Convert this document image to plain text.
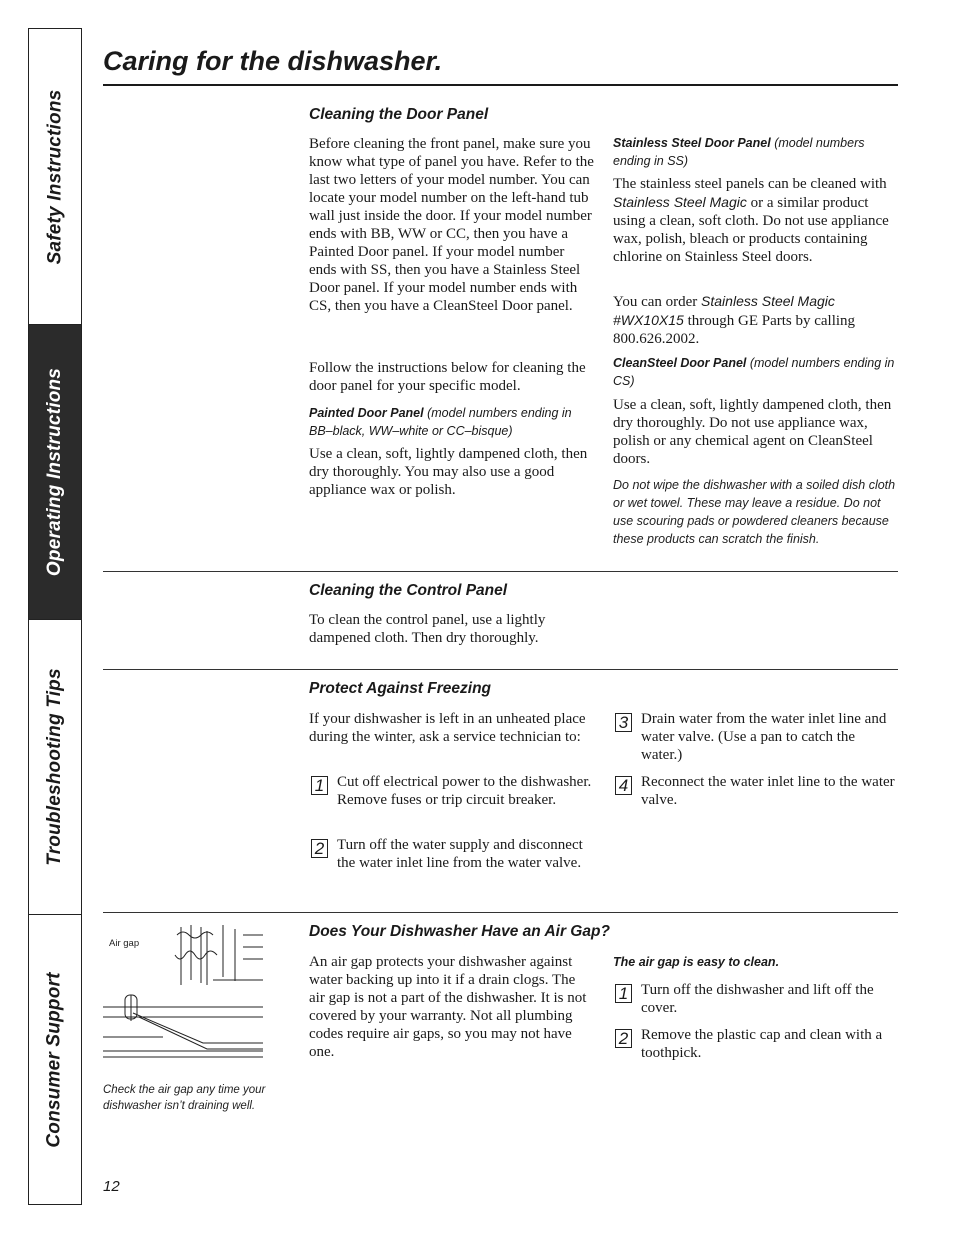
Safety Instructions
Operating Instructions
Troubleshooting Tips
Consumer Support
Caring for the dishwasher.
Cleaning the Door Panel

Before cleaning the front panel, make sure you know what type of panel you have. Refer to the last two letters of your model number. You can locate your model number on the left-hand tub wall just inside the door. If your model number ends with BB, WW or CC, then you have a Painted Door panel. If your model number ends with SS, then you have a Stainless Steel Door panel. If your model number ends with CS, then you have a CleanSteel Door panel.

Follow the instructions below for cleaning the door panel for your specific model.

Painted Door Panel (model numbers ending in BB–black, WW–white or CC–bisque)

Use a clean, soft, lightly dampened cloth, then dry thoroughly. You may also use a good appliance wax or polish.

Stainless Steel Door Panel (model numbers ending in SS)

The stainless steel panels can be cleaned with Stainless Steel Magic or a similar product using a clean, soft cloth. Do not use appliance wax, polish, bleach or products containing chlorine on Stainless Steel doors.

You can order Stainless Steel Magic #WX10X15 through GE Parts by calling 800.626.2002.

CleanSteel Door Panel (model numbers ending in CS)

Use a clean, soft, lightly dampened cloth, then dry thoroughly. Do not use appliance wax, polish or any chemical agent on CleanSteel doors.

Do not wipe the dishwasher with a soiled dish cloth or wet towel. These may leave a residue. Do not use scouring pads or powdered cleaners because these products can scratch the finish.

Cleaning the Control Panel

To clean the control panel, use a lightly dampened cloth. Then dry thoroughly.

Protect Against Freezing

If your dishwasher is left in an unheated place during the winter, ask a service technician to:

1 Cut off electrical power to the dishwasher. Remove fuses or trip circuit breaker.
2 Turn off the water supply and disconnect the water inlet line from the water valve.
3 Drain water from the water inlet line and water valve. (Use a pan to catch the water.)
4 Reconnect the water inlet line to the water valve.
Air gap

Check the air gap any time your dishwasher isn’t draining well.

Does Your Dishwasher Have an Air Gap?

An air gap protects your dishwasher against water backing up into it if a drain clogs. The air gap is not a part of the dishwasher. It is not covered by your warranty. Not all plumbing codes require air gaps, so you may not have one.

The air gap is easy to clean.

1 Turn off the dishwasher and lift off the cover.
2 Remove the plastic cap and clean with a toothpick.
12
